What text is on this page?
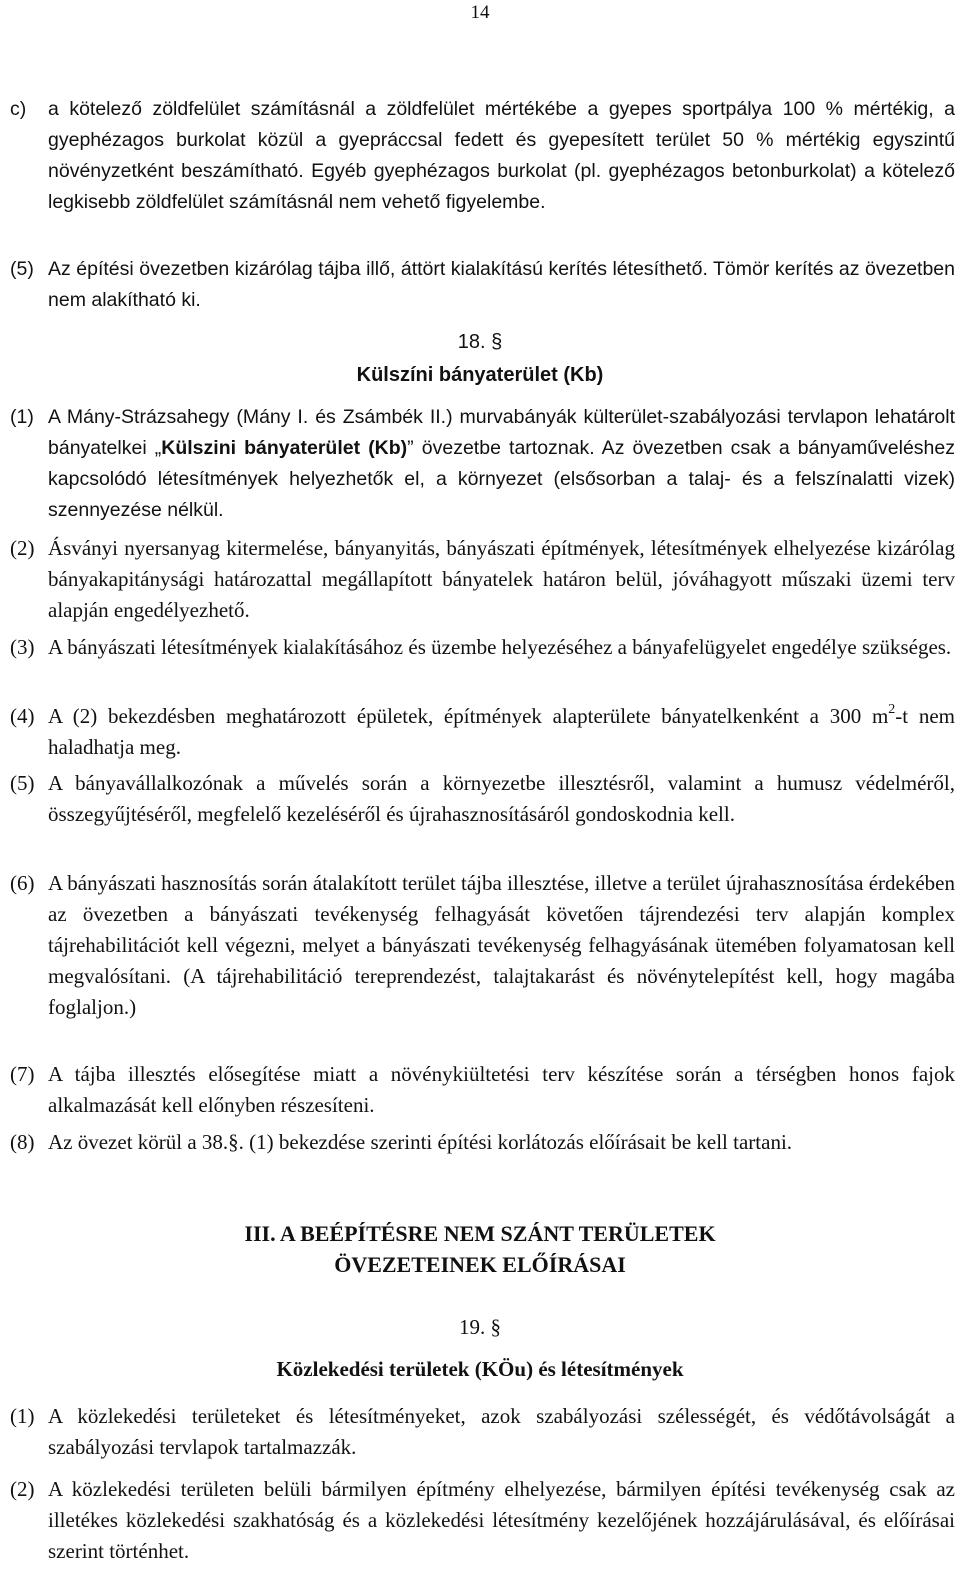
14
c) a kötelező zöldfelület számításnál a zöldfelület mértékébe a gyepes sportpálya 100 % mértékig, a gyephézagos burkolat közül a gyepráccsal fedett és gyepesített terület 50 % mértékig egyszintű növényzetként beszámítható. Egyéb gyephézagos burkolat (pl. gyephézagos betonburkolat) a kötelező legkisebb zöldfelület számításnál nem vehető figyelembe.
(5) Az építési övezetben kizárólag tájba illő, áttört kialakítású kerítés létesíthető. Tömör kerítés az övezetben nem alakítható ki.
18. §
Külszíni bányaterület (Kb)
(1) A Mány-Strázsahegy (Mány I. és Zsámbék II.) murvabányák külterület-szabályozási tervlapon lehatárolt bányatelkei „Külszini bányaterület (Kb)” övezetbe tartoznak. Az övezetben csak a bányaműveléshez kapcsolódó létesítmények helyezhetők el, a környezet (elsősorban a talaj- és a felszínalatti vizek) szennyezése nélkül.
(2) Ásványi nyersanyag kitermelése, bányanyitás, bányászati építmények, létesítmények elhelyezése kizárólag bányakapitánysági határozattal megállapított bányatelek határon belül, jóváhagyott műszaki üzemi terv alapján engedélyezhető.
(3) A bányászati létesítmények kialakításához és üzembe helyezéséhez a bányafelügyelet engedélye szükséges.
(4) A (2) bekezdésben meghatározott épületek, építmények alapterülete bányatelkenként a 300 $m^2-t$ nem haladhatja meg.
(5) A bányavállalkozónak a művelés során a környezetbe illesztésről, valamint a humusz védelméről, összegyűjtéséről, megfelelő kezeléséről és újrahasznosításáról gondoskodnia kell.
(6) A bányászati hasznosítás során átalakított terület tájba illesztése, illetve a terület újrahasznosítása érdekében az övezetben a bányászati tevékenység felhagyását követően tájrendezési terv alapján komplex tájrehabilitációt kell végezni, melyet a bányászati tevékenység felhagyásának ütemében folyamatosan kell megvalósítani. (A tájrehabilitáció tereprendezést, talajtakarást és növénytelepítést kell, hogy magába foglaljon.)
(7) A tájba illesztés elősegítése miatt a növénykiültetési terv készítése során a térségben honos fajok alkalmazását kell előnyben részesíteni.
(8) Az övezet körül a 38.§. (1) bekezdése szerinti építési korlátozás előírásait be kell tartani.
III. A BEÉPÍTÉSRE NEM SZÁNT TERÜLETEK
ÖVEZETEINEK ELŐÍRÁSAI
19. §
Közlekedési területek (KÖu) és létesítmények
(1) A közlekedési területeket és létesítményeket, azok szabályozási szélességét, és védőtávolságát a szabályozási tervlapok tartalmazzák.
(2) A közlekedési területen belüli bármilyen építmény elhelyezése, bármilyen építési tevékenység csak az illetékes közlekedési szakhatóság és a közlekedési létesítmény kezelőjének hozzájárulásával, és előírásai szerint történhet.
